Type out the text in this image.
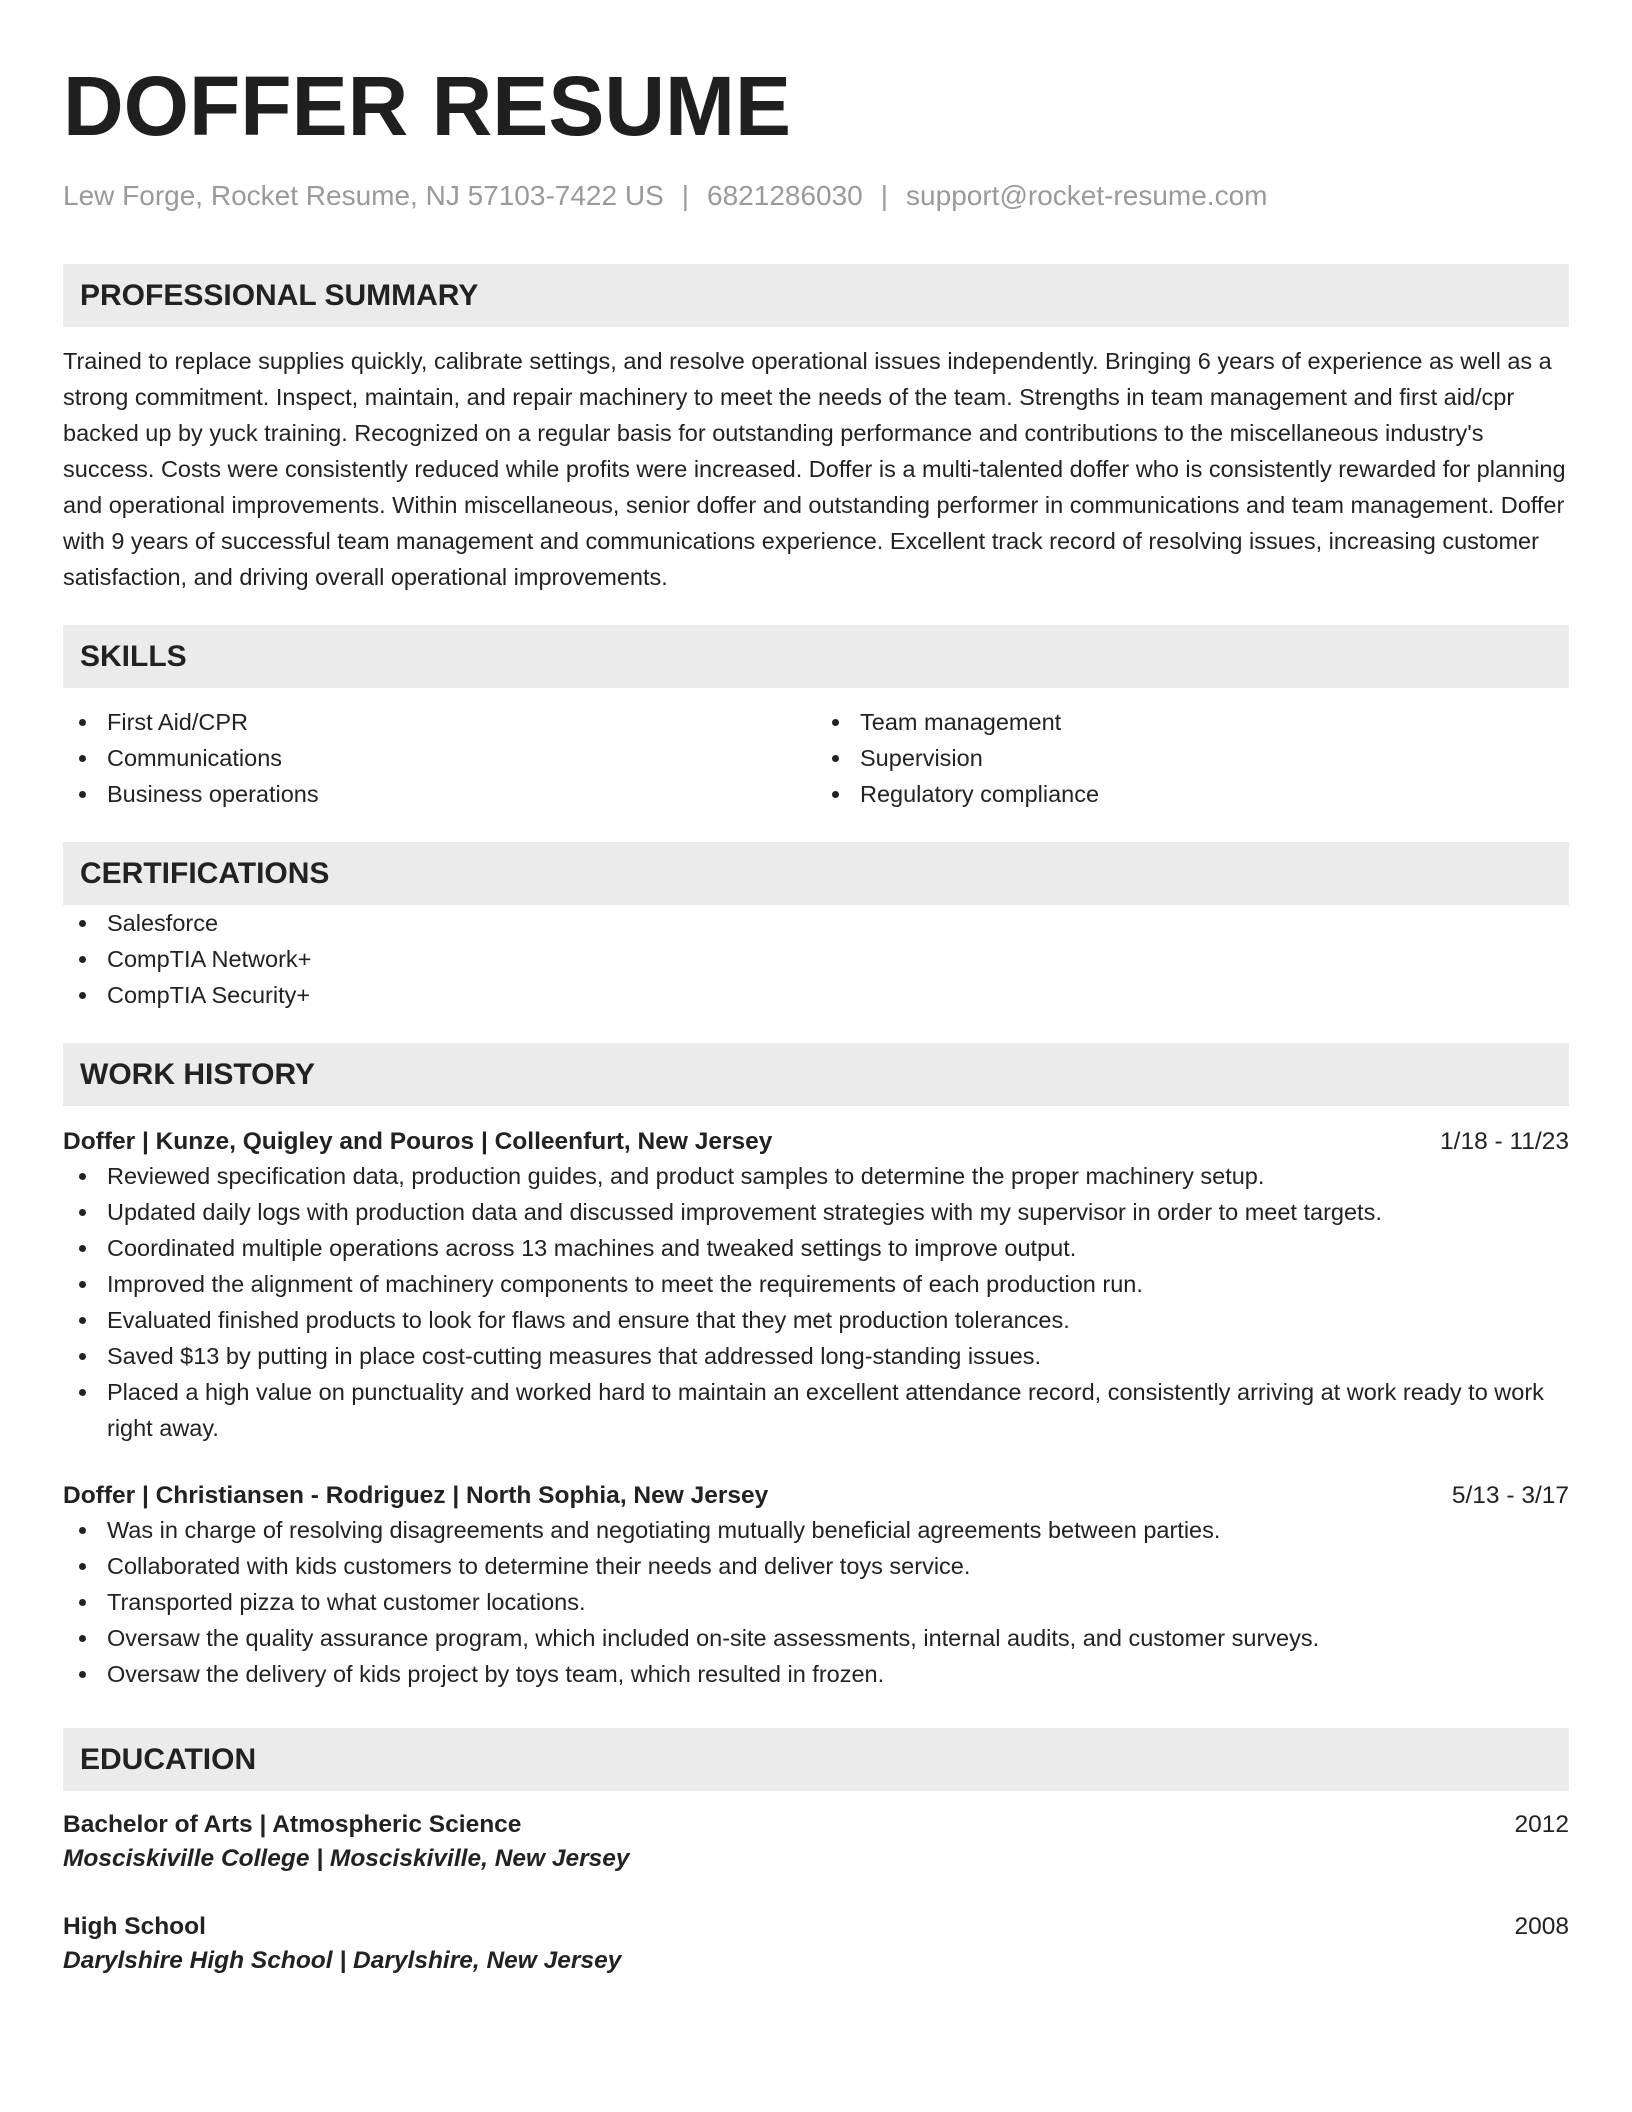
DOFFER RESUME
Lew Forge, Rocket Resume, NJ 57103-7422 US | 6821286030 | support@rocket-resume.com
PROFESSIONAL SUMMARY
Trained to replace supplies quickly, calibrate settings, and resolve operational issues independently. Bringing 6 years of experience as well as a strong commitment. Inspect, maintain, and repair machinery to meet the needs of the team. Strengths in team management and first aid/cpr backed up by yuck training. Recognized on a regular basis for outstanding performance and contributions to the miscellaneous industry's success. Costs were consistently reduced while profits were increased. Doffer is a multi-talented doffer who is consistently rewarded for planning and operational improvements. Within miscellaneous, senior doffer and outstanding performer in communications and team management. Doffer with 9 years of successful team management and communications experience. Excellent track record of resolving issues, increasing customer satisfaction, and driving overall operational improvements.
SKILLS
First Aid/CPR
Communications
Business operations
Team management
Supervision
Regulatory compliance
CERTIFICATIONS
Salesforce
CompTIA Network+
CompTIA Security+
WORK HISTORY
Doffer | Kunze, Quigley and Pouros | Colleenfurt, New Jersey	1/18 - 11/23
Reviewed specification data, production guides, and product samples to determine the proper machinery setup.
Updated daily logs with production data and discussed improvement strategies with my supervisor in order to meet targets.
Coordinated multiple operations across 13 machines and tweaked settings to improve output.
Improved the alignment of machinery components to meet the requirements of each production run.
Evaluated finished products to look for flaws and ensure that they met production tolerances.
Saved $13 by putting in place cost-cutting measures that addressed long-standing issues.
Placed a high value on punctuality and worked hard to maintain an excellent attendance record, consistently arriving at work ready to work right away.
Doffer | Christiansen - Rodriguez | North Sophia, New Jersey	5/13 - 3/17
Was in charge of resolving disagreements and negotiating mutually beneficial agreements between parties.
Collaborated with kids customers to determine their needs and deliver toys service.
Transported pizza to what customer locations.
Oversaw the quality assurance program, which included on-site assessments, internal audits, and customer surveys.
Oversaw the delivery of kids project by toys team, which resulted in frozen.
EDUCATION
Bachelor of Arts | Atmospheric Science	2012
Mosciskiville College | Mosciskiville, New Jersey
High School	2008
Darylshire High School | Darylshire, New Jersey
